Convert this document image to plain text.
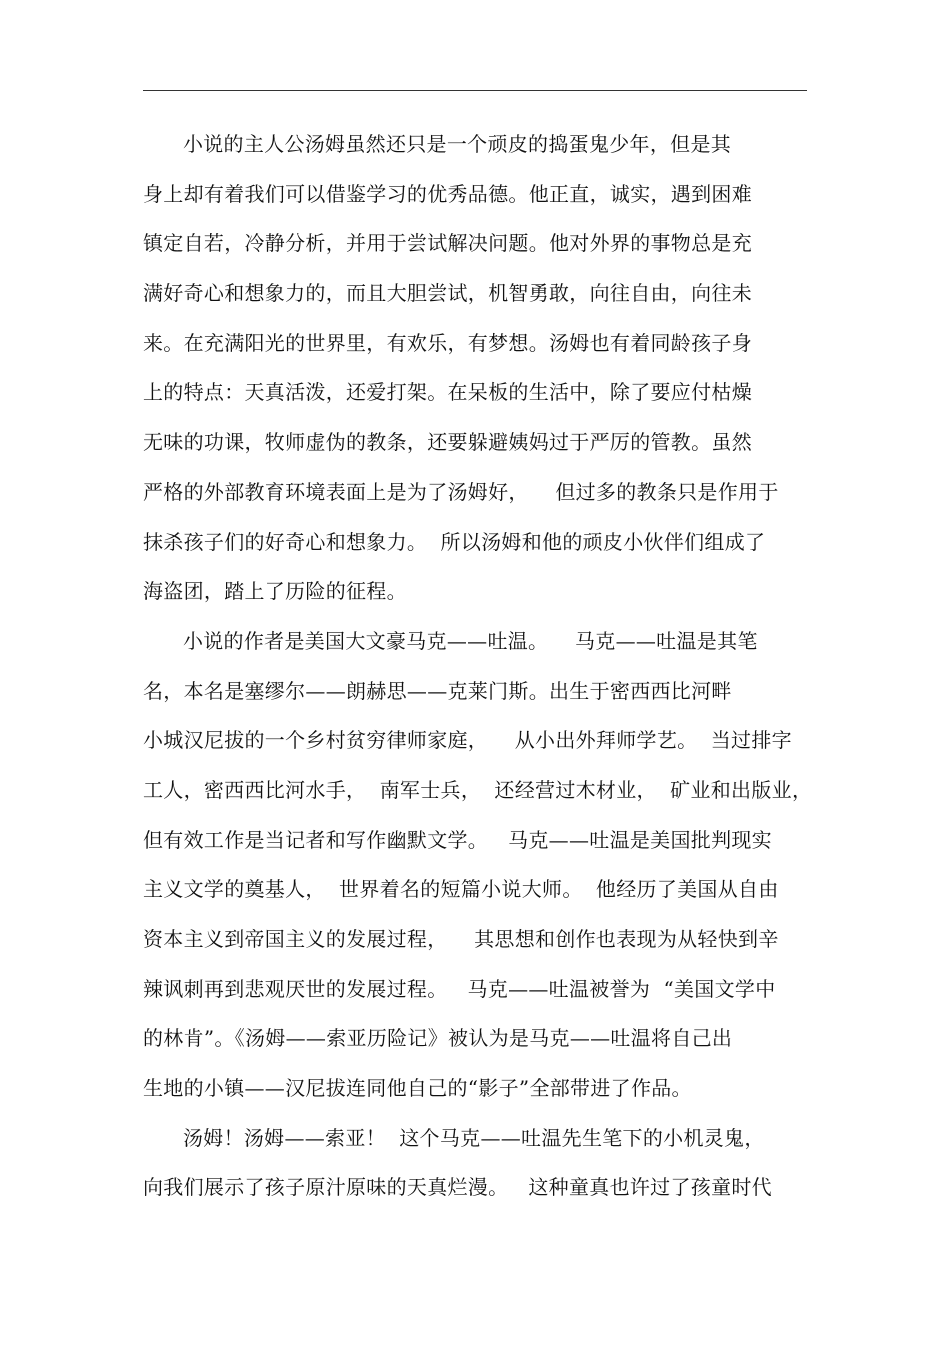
小说的主人公汤姆虽然还只是一个顽皮的捣蛋鬼少年，但是其
身上却有着我们可以借鉴学习的优秀品德。他正直，诚实，遇到困难
镇定自若，冷静分析，并用于尝试解决问题。他对外界的事物总是充
满好奇心和想象力的，而且大胆尝试，机智勇敢，向往自由，向往未
来。在充满阳光的世界里，有欢乐，有梦想。汤姆也有着同龄孩子身
上的特点：天真活泼，还爱打架。在呆板的生活中，除了要应付枯燥
无味的功课，牧师虚伪的教条，还要躲避姨妈过于严厉的管教。虽然
严格的外部教育环境表面上是为了汤姆好，    但过多的教条只是作用于
抹杀孩子们的好奇心和想象力。  所以汤姆和他的顽皮小伙伴们组成了
海盗团，踏上了历险的征程。
小说的作者是美国大文豪马克——吐温。    马克——吐温是其笔
名，本名是塞缪尔——朗赫思——克莱门斯。出生于密西西比河畔
小城汉尼拔的一个乡村贫穷律师家庭，    从小出外拜师学艺。  当过排字
工人，密西西比河水手，  南军士兵，  还经营过木材业，  矿业和出版业，
但有效工作是当记者和写作幽默文学。   马克——吐温是美国批判现实
主义文学的奠基人，  世界着名的短篇小说大师。  他经历了美国从自由
资本主义到帝国主义的发展过程，    其思想和创作也表现为从轻快到辛
辣讽刺再到悲观厌世的发展过程。   马克——吐温被誉为  “美国文学中
的林肯”。《汤姆——索亚历险记》被认为是马克——吐温将自己出
生地的小镇——汉尼拔连同他自己的“影子”全部带进了作品。
汤姆！汤姆——索亚！  这个马克——吐温先生笔下的小机灵鬼，
向我们展示了孩子原汁原味的天真烂漫。   这种童真也许过了孩童时代
